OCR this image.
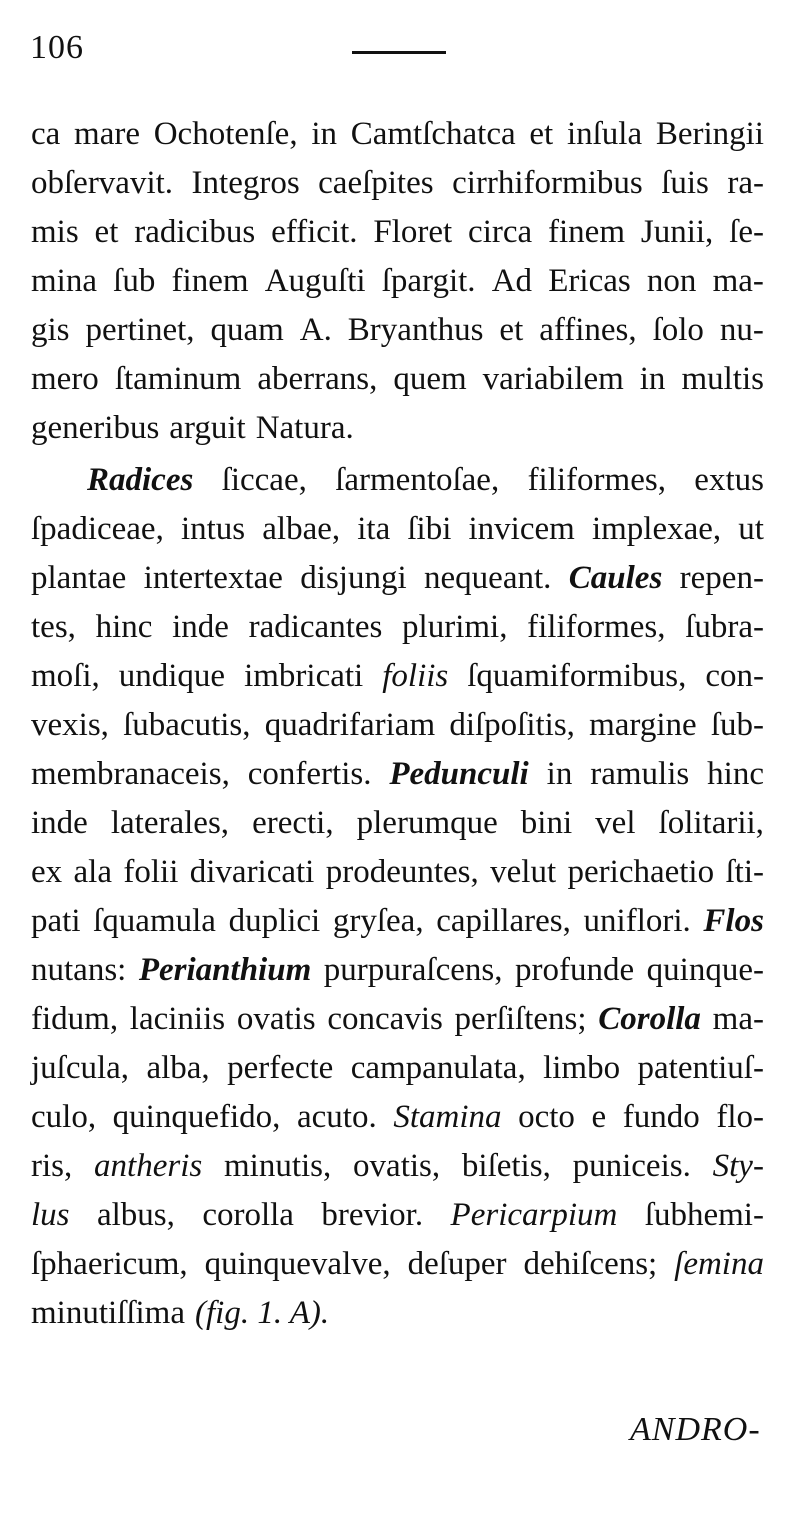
106
ca mare Ochotenſe, in Camtſchatca et inſula Beringii
obſervavit. Integros caeſpites cirrhiformibus ſuis ra-
mis et radicibus efficit. Floret circa finem Junii, ſe-
mina ſub finem Auguſti ſpargit. Ad Ericas non ma-
gis pertinet, quam A. Bryanthus et affines, ſolo nu-
mero ſtaminum aberrans, quem variabilem in multis
generibus arguit Natura.
Radices ſiccae, ſarmentoſae, filiformes, extus
ſpadiceae, intus albae, ita ſibi invicem implexae, ut
plantae intertextae disjungi nequeant. Caules repen-
tes, hinc inde radicantes plurimi, filiformes, ſubra-
moſi, undique imbricati foliis ſquamiformibus, con-
vexis, ſubacutis, quadrifariam diſpoſitis, margine ſub-
membranaceis, confertis. Pedunculi in ramulis hinc
inde laterales, erecti, plerumque bini vel ſolitarii,
ex ala folii divaricati prodeuntes, velut perichaetio ſti-
pati ſquamula duplici gryſea, capillares, uniflori. Flos
nutans: Perianthium purpuraſcens, profunde quinque-
fidum, laciniis ovatis concavis perſiſtens; Corolla ma-
juſcula, alba, perfecte campanulata, limbo patentiuſ-
culo, quinquefido, acuto. Stamina octo e fundo flo-
ris, antheris minutis, ovatis, biſetis, puniceis. Sty-
lus albus, corolla brevior. Pericarpium ſubhemi-
ſphaericum, quinquevalve, deſuper dehiſcens; ſemina
minutiſſima (fig. 1. A).
ANDRO-
